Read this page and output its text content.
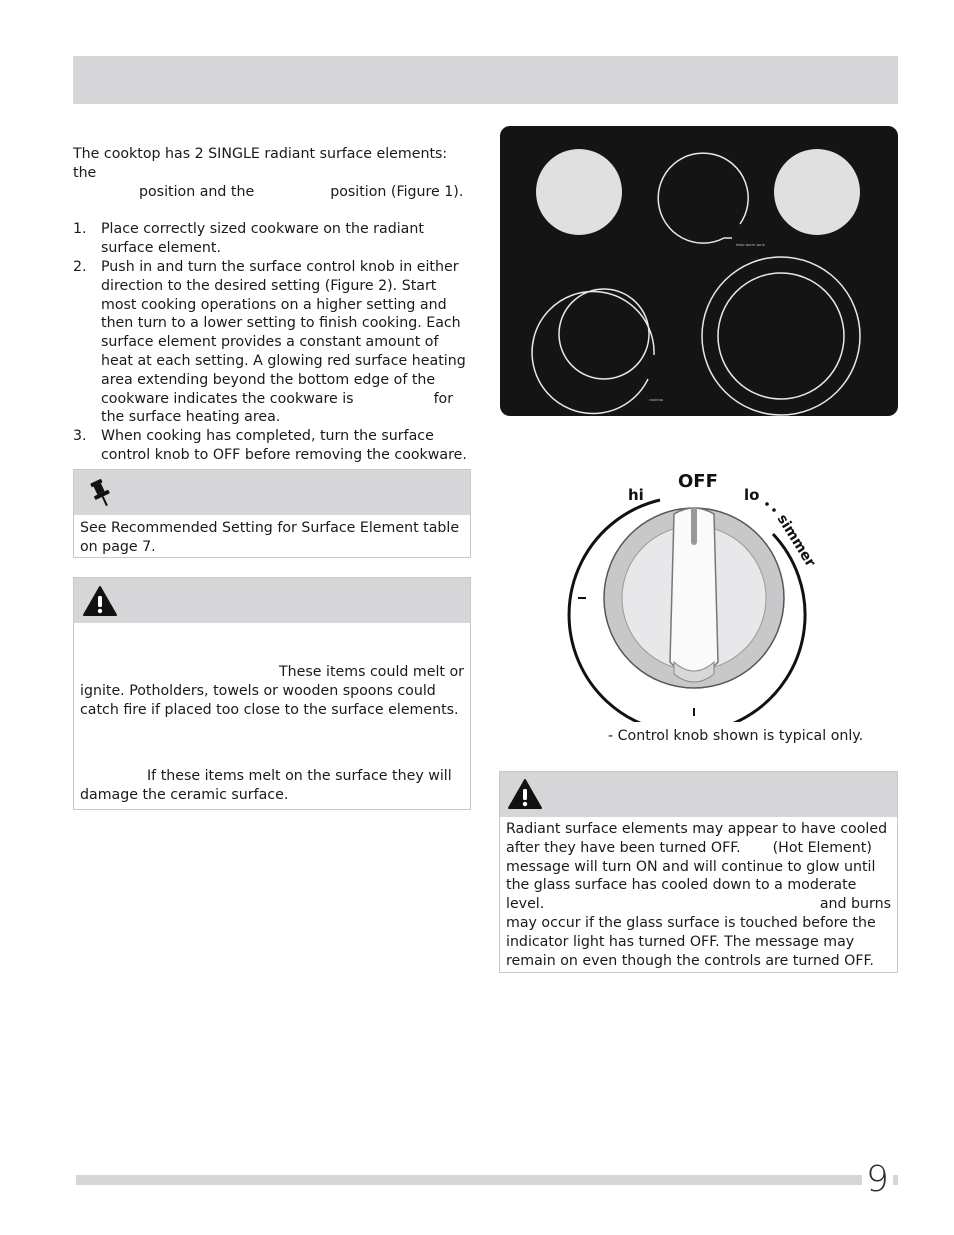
The cooktop has 2 SINGLE radiant surface elements: the

position and the	position (Figure 1).

1. Place correctly sized cookware on the radiant surface element.
2. Push in and turn the surface control knob in either direction to the desired setting (Figure 2). Start most cooking operations on a higher setting and then turn to a lower setting to finish cooking. Each surface element provides a constant amount of heat at each setting. A glowing red surface heating area extending beyond the bottom edge of the cookware indicates the cookware is	for the surface heating area.
3. When cooking has completed, turn the surface control knob to OFF before removing the cookware.
See Recommended Setting for Surface Element table on page 7.
These items could melt or
ignite. Potholders, towels or wooden spoons could catch fire if placed too close to the surface elements.
If these items melt on the surface they will
damage the ceramic surface.
keep warm zone
cooktop
OFF
hi	lo
simmer
- Control knob shown is typical only.
Radiant surface elements may appear to have cooled
after they have been turned OFF. (Hot Element)
message will turn ON and will continue to glow until the glass surface has cooled down to a moderate
level.	and burns
may occur if the glass surface is touched before the indicator light has turned OFF. The message may remain on even though the controls are turned OFF.
9
